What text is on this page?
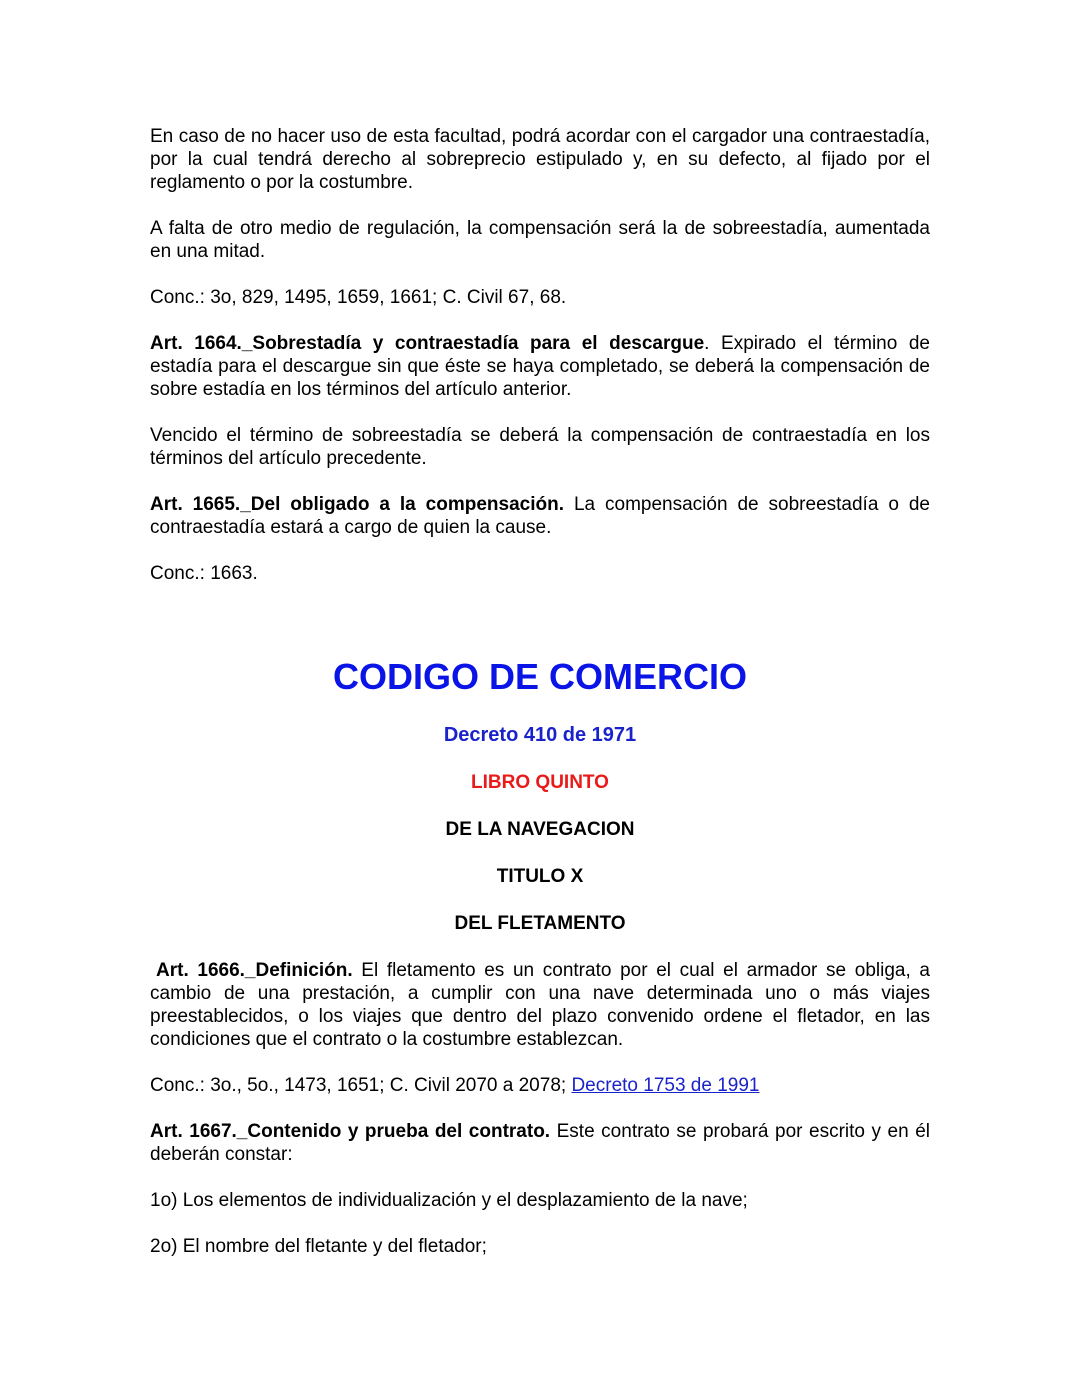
En caso de no hacer uso de esta facultad, podrá acordar con el cargador una contraestadía, por la cual tendrá derecho al sobreprecio estipulado y, en su defecto, al fijado por el reglamento o por la costumbre.

A falta de otro medio de regulación, la compensación será la de sobreestadía, aumentada en una mitad.

Conc.: 3o, 829, 1495, 1659, 1661; C. Civil 67, 68.

Art. 1664._Sobrestadía y contraestadía para el descargue. Expirado el término de estadía para el descargue sin que éste se haya completado, se deberá la compensación de sobre estadía en los términos del artículo anterior.

Vencido el término de sobreestadía se deberá la compensación de contraestadía en los términos del artículo precedente.

Art. 1665._Del obligado a la compensación. La compensación de sobreestadía o de contraestadía estará a cargo de quien la cause.

Conc.: 1663.

CODIGO DE COMERCIO
Decreto 410 de 1971
LIBRO QUINTO
DE LA NAVEGACION
TITULO X
DEL FLETAMENTO

Art. 1666._Definición. El fletamento es un contrato por el cual el armador se obliga, a cambio de una prestación, a cumplir con una nave determinada uno o más viajes preestablecidos, o los viajes que dentro del plazo convenido ordene el fletador, en las condiciones que el contrato o la costumbre establezcan.

Conc.: 3o., 5o., 1473, 1651; C. Civil 2070 a 2078; Decreto 1753 de 1991

Art. 1667._Contenido y prueba del contrato. Este contrato se probará por escrito y en él deberán constar:

1o) Los elementos de individualización y el desplazamiento de la nave;

2o) El nombre del fletante y del fletador;
